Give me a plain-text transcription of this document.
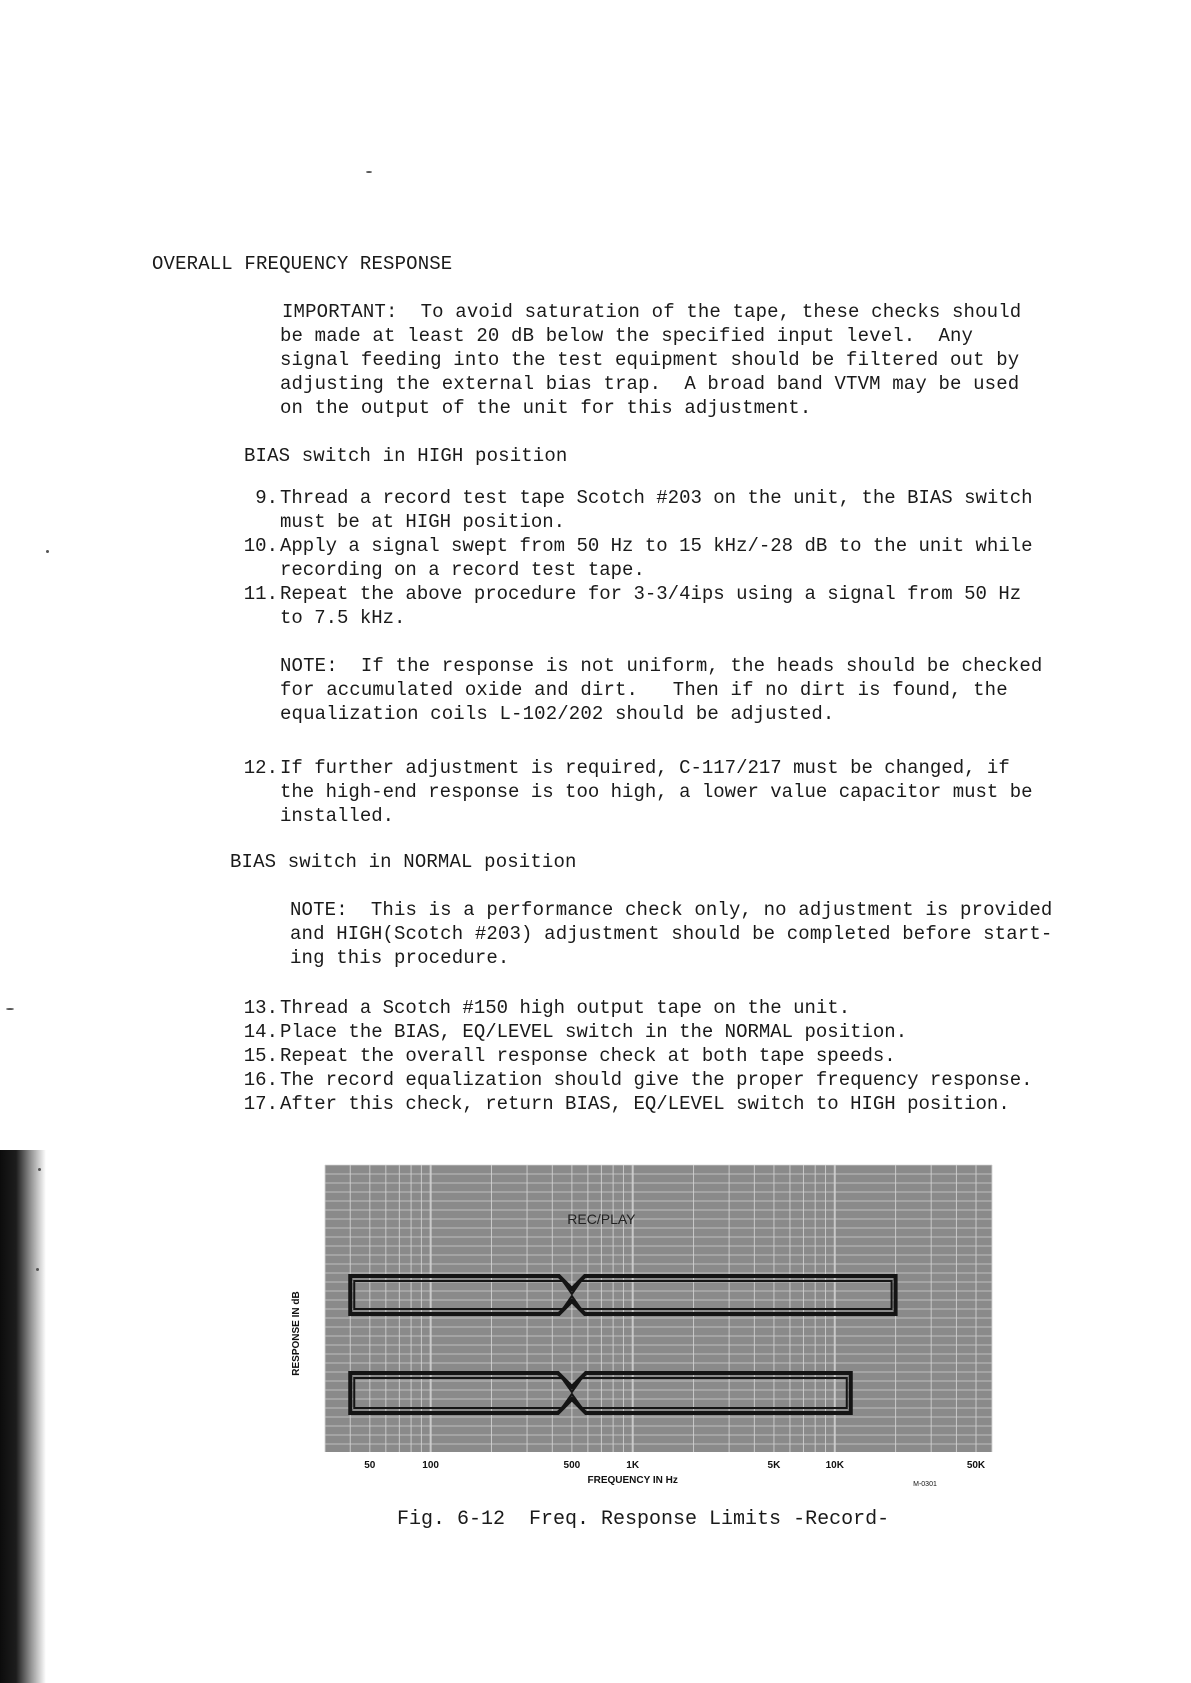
OVERALL FREQUENCY RESPONSE
IMPORTANT:  To avoid saturation of the tape, these checks should
be made at least 20 dB below the specified input level.  Any
signal feeding into the test equipment should be filtered out by
adjusting the external bias trap.  A broad band VTVM may be used
on the output of the unit for this adjustment.
BIAS switch in HIGH position
9. Thread a record test tape Scotch #203 on the unit, the BIAS switch
must be at HIGH position.
10. Apply a signal swept from 50 Hz to 15 kHz/-28 dB to the unit while
recording on a record test tape.
11. Repeat the above procedure for 3-3/4ips using a signal from 50 Hz
to 7.5 kHz.
NOTE:  If the response is not uniform, the heads should be checked
for accumulated oxide and dirt.   Then if no dirt is found, the
equalization coils L-102/202 should be adjusted.
12. If further adjustment is required, C-117/217 must be changed, if
the high-end response is too high, a lower value capacitor must be
installed.
BIAS switch in NORMAL position
NOTE:  This is a performance check only, no adjustment is provided
and HIGH(Scotch #203) adjustment should be completed before start-
ing this procedure.
13. Thread a Scotch #150 high output tape on the unit.
14. Place the BIAS, EQ/LEVEL switch in the NORMAL position.
15. Repeat the overall response check at both tape speeds.
16. The record equalization should give the proper frequency response.
17. After this check, return BIAS, EQ/LEVEL switch to HIGH position.
REC/PLAY
50	100	500	1K	5K	10K	50K
FREQUENCY IN Hz
RESPONSE IN dB
M-0301
Fig. 6-12  Freq. Response Limits -Record-
